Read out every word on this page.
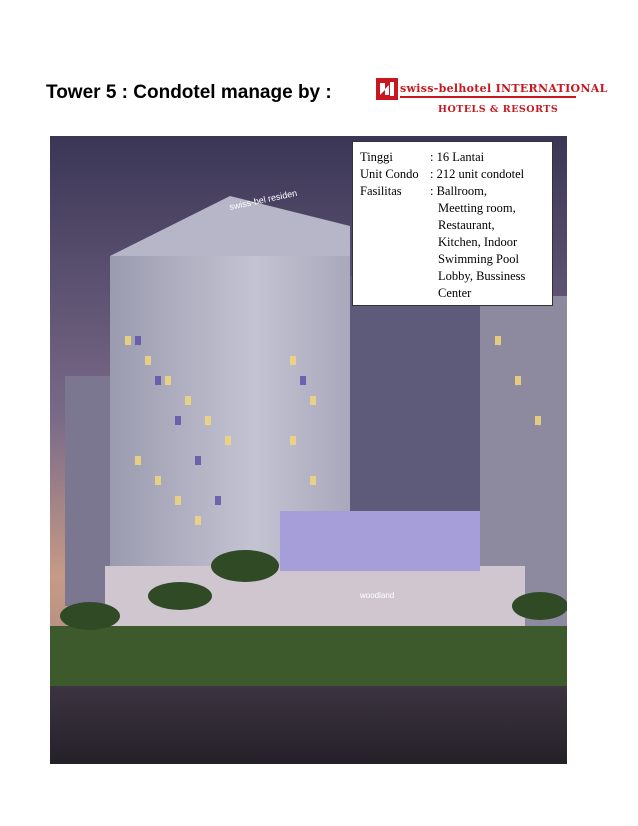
Tower 5 : Condotel manage by :	swiss-belhotel INTERNATIONAL
HOTELS & RESORTS
swiss-bel residen
woodland
Tinggi	: 16 Lantai
Unit Condo : 212 unit condotel
Fasilitas	: Ballroom,
Meetting room,
Restaurant,
Kitchen, Indoor
Swimming Pool
Lobby, Bussiness
Center
